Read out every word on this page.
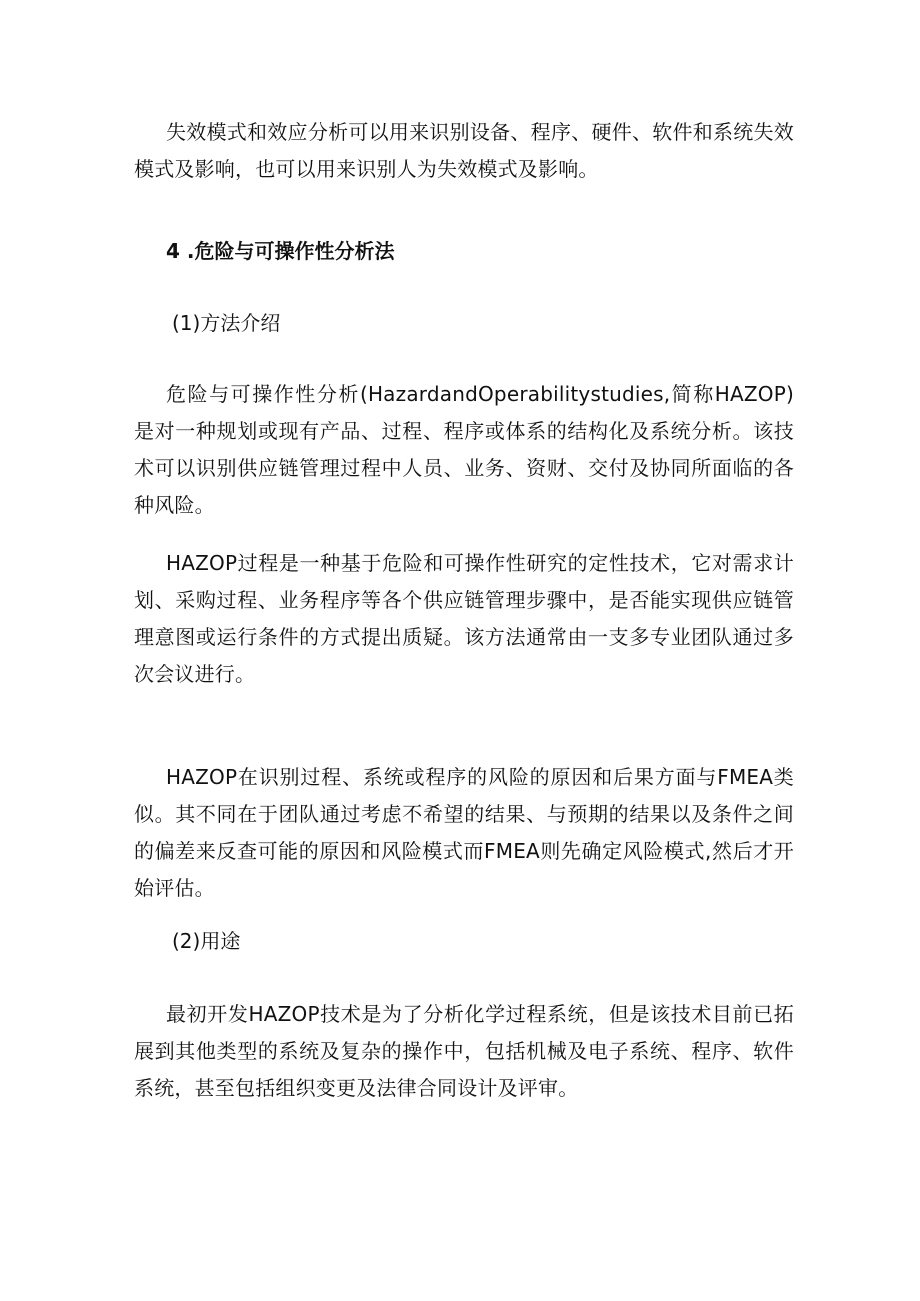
失效模式和效应分析可以用来识别设备、程序、硬件、软件和系统失效模式及影响，也可以用来识别人为失效模式及影响。

4 .危险与可操作性分析法

(1)方法介绍

危险与可操作性分析(HazardandOperabilitystudies,简称HAZOP)是对一种规划或现有产品、过程、程序或体系的结构化及系统分析。该技术可以识别供应链管理过程中人员、业务、资财、交付及协同所面临的各种风险。

HAZOP过程是一种基于危险和可操作性研究的定性技术，它对需求计划、采购过程、业务程序等各个供应链管理步骤中，是否能实现供应链管理意图或运行条件的方式提出质疑。该方法通常由一支多专业团队通过多次会议进行。

HAZOP在识别过程、系统或程序的风险的原因和后果方面与FMEA类似。其不同在于团队通过考虑不希望的结果、与预期的结果以及条件之间的偏差来反查可能的原因和风险模式而FMEA则先确定风险模式,然后才开始评估。

(2)用途

最初开发HAZOP技术是为了分析化学过程系统，但是该技术目前已拓展到其他类型的系统及复杂的操作中，包括机械及电子系统、程序、软件系统，甚至包括组织变更及法律合同设计及评审。
